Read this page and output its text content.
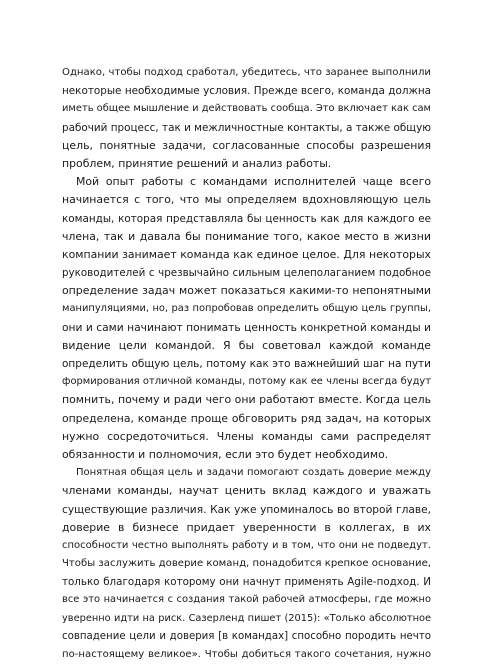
Однако, чтобы подход сработал, убедитесь, что заранее выполнили
некоторые необходимые условия. Прежде всего, команда должна
иметь общее мышление и действовать сообща. Это включает как сам
рабочий процесс, так и межличностные контакты, а также общую
цель, понятные задачи, согласованные способы разрешения
проблем, принятие решений и анализ работы.

Мой опыт работы с командами исполнителей чаще всего
начинается с того, что мы определяем вдохновляющую цель
команды, которая представляла бы ценность как для каждого ее
члена, так и давала бы понимание того, какое место в жизни
компании занимает команда как единое целое. Для некоторых
руководителей с чрезвычайно сильным целеполаганием подобное
определение задач может показаться какими-то непонятными
манипуляциями, но, раз попробовав определить общую цель группы,
они и сами начинают понимать ценность конкретной команды и
видение цели командой. Я бы советовал каждой команде
определить общую цель, потому как это важнейший шаг на пути
формирования отличной команды, потому как ее члены всегда будут
помнить, почему и ради чего они работают вместе. Когда цель
определена, команде проще обговорить ряд задач, на которых
нужно сосредоточиться. Члены команды сами распределят
обязанности и полномочия, если это будет необходимо.

Понятная общая цель и задачи помогают создать доверие между
членами команды, научат ценить вклад каждого и уважать
существующие различия. Как уже упоминалось во второй главе,
доверие в бизнесе придает уверенности в коллегах, в их
способности честно выполнять работу и в том, что они не подведут.
Чтобы заслужить доверие команд, понадобится крепкое основание,
только благодаря которому они начнут применять Agile-подход. И
все это начинается с создания такой рабочей атмосферы, где можно
уверенно идти на риск. Сазерленд пишет (2015): «Только абсолютное
совпадение цели и доверия [в командах] способно породить нечто
по-настоящему великое». Чтобы добиться такого сочетания, нужно
